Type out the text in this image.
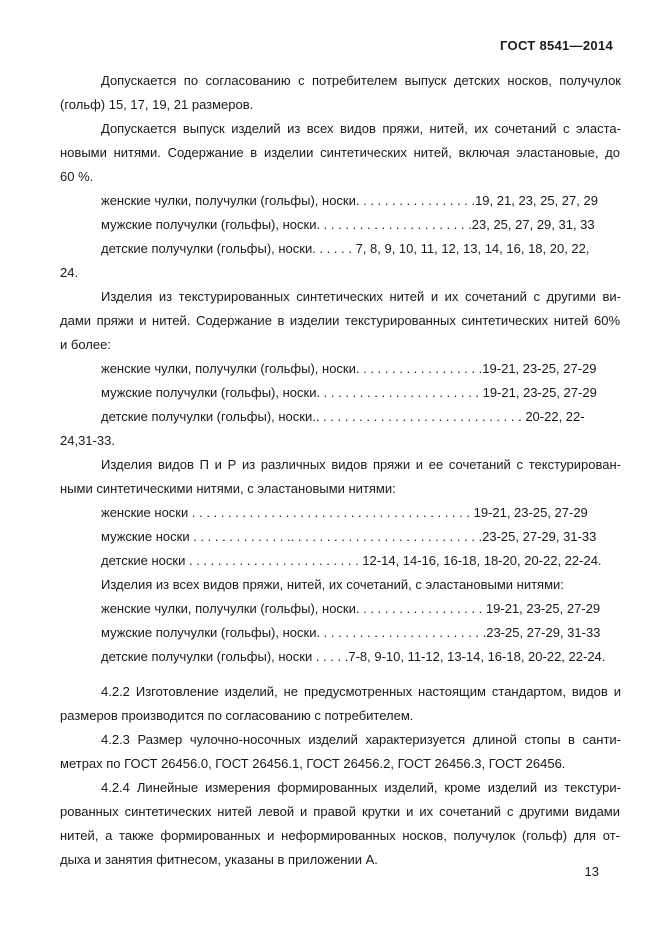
ГОСТ 8541—2014
Допускается по согласованию с потребителем выпуск детских носков, получулок
(гольф) 15, 17, 19, 21 размеров.
Допускается выпуск изделий из всех видов пряжи, нитей, их сочетаний с эласта-
новыми нитями. Содержание в изделии синтетических нитей, включая эластановые, до
60 %.
женские чулки, получулки (гольфы), носки. . . . . . . . . . . . . . . . .19, 21, 23, 25, 27, 29
мужские получулки (гольфы), носки. . . . . . . . . . . . . . . . . . . . . .23, 25, 27, 29, 31, 33
детские получулки (гольфы), носки. . . . . . 7, 8, 9, 10, 11, 12, 13, 14, 16, 18, 20, 22,
24.
Изделия из текстурированных синтетических нитей и их сочетаний с другими ви-
дами пряжи и нитей. Содержание в изделии текстурированных синтетических нитей 60%
и более:
женские чулки, получулки (гольфы), носки. . . . . . . . . . . . . . . . . .19-21, 23-25, 27-29
мужские получулки (гольфы), носки. . . . . . . . . . . . . . . . . . . . . . . 19-21, 23-25, 27-29
детские получулки (гольфы), носки.. . . . . . . . . . . . . . . . . . . . . . . . . . . . . 20-22, 22-
24,31-33.
Изделия видов П и Р из различных видов пряжи и ее сочетаний с текстурирован-
ными синтетическими нитями, с эластановыми нитями:
женские носки . . . . . . . . . . . . . . . . . . . . . . . . . . . . . . . . . . . . . . . 19-21, 23-25, 27-29
мужские носки . . . . . . . . . . . . . .. . . . . . . . . . . . . . . . . . . . . . . . . . .23-25, 27-29, 31-33
детские носки . . . . . . . . . . . . . . . . . . . . . . . . 12-14, 14-16, 16-18, 18-20, 20-22, 22-24.
Изделия из всех видов пряжи, нитей, их сочетаний, с эластановыми нитями:
женские чулки, получулки (гольфы), носки. . . . . . . . . . . . . . . . . . 19-21, 23-25, 27-29
мужские получулки (гольфы), носки. . . . . . . . . . . . . . . . . . . . . . . .23-25, 27-29, 31-33
детские получулки (гольфы), носки . . . . .7-8, 9-10, 11-12, 13-14, 16-18, 20-22, 22-24.
4.2.2 Изготовление изделий, не предусмотренных настоящим стандартом, видов и
размеров производится по согласованию с потребителем.
4.2.3 Размер чулочно-носочных изделий характеризуется длиной стопы в санти-
метрах по ГОСТ 26456.0, ГОСТ 26456.1, ГОСТ 26456.2, ГОСТ 26456.3, ГОСТ 26456.
4.2.4 Линейные измерения формированных изделий, кроме изделий из текстури-
рованных синтетических нитей левой и правой крутки и их сочетаний с другими видами
нитей, а также формированных и неформированных носков, получулок (гольф) для от-
дыха и занятия фитнесом, указаны в приложении А.
13
